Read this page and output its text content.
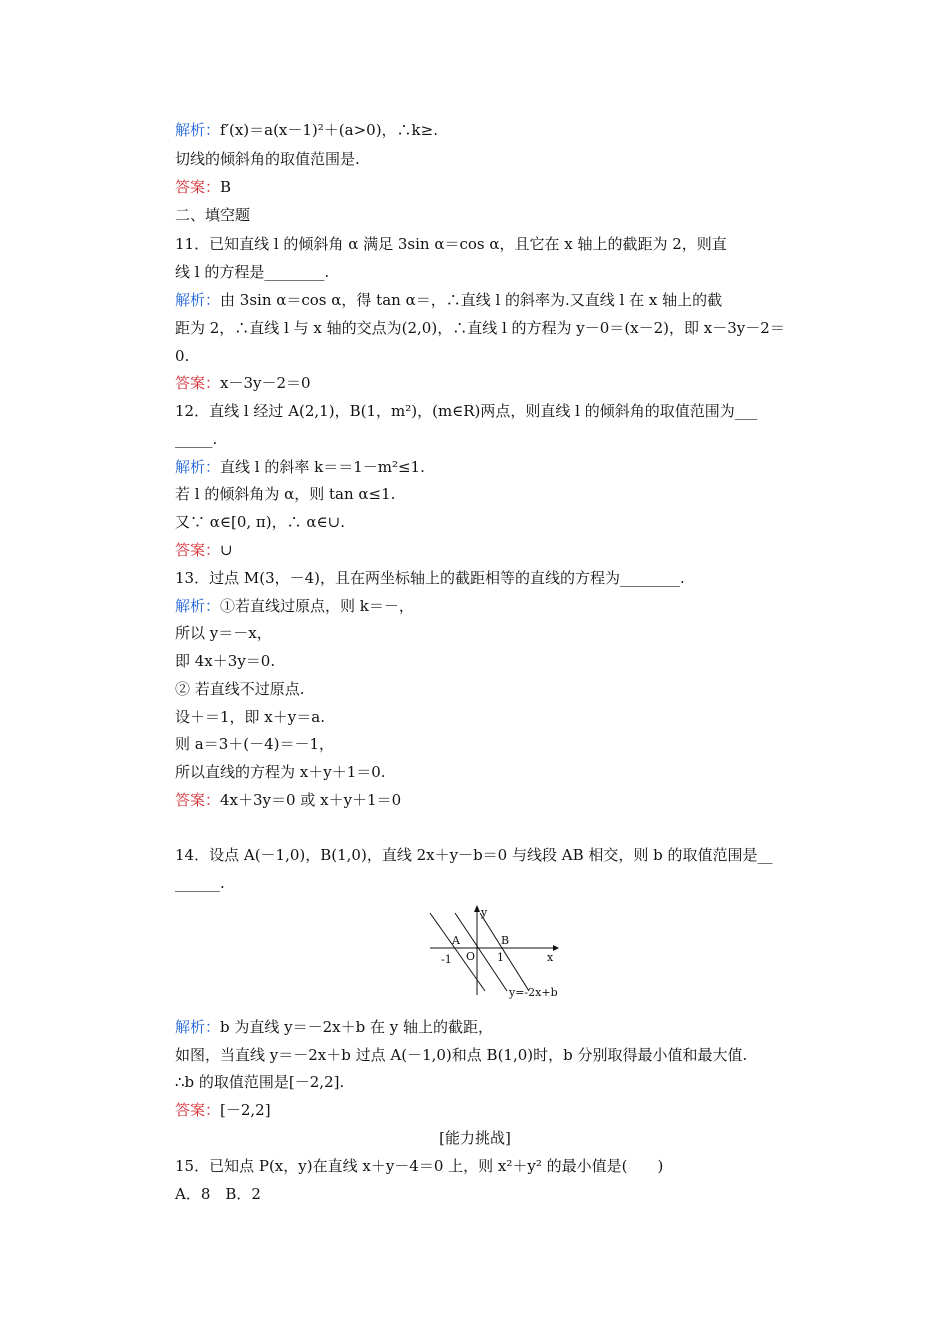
解析：f′(x)＝a(x－1)²＋(a>0)，∴k≥.
切线的倾斜角的取值范围是.
答案：B
二、填空题
11．已知直线 l 的倾斜角 α 满足 3sin α＝cos α，且它在 x 轴上的截距为 2，则直
线 l 的方程是________.
解析：由 3sin α＝cos α，得 tan α＝，∴直线 l 的斜率为.又直线 l 在 x 轴上的截
距为 2，∴直线 l 与 x 轴的交点为(2,0)，∴直线 l 的方程为 y－0＝(x－2)，即 x－3y－2＝
0.
答案：x－3y－2＝0
12．直线 l 经过 A(2,1)，B(1，m²)，(m∈R)两点，则直线 l 的倾斜角的取值范围为___
_____.
解析：直线 l 的斜率 k＝＝1－m²≤1.
若 l 的倾斜角为 α，则 tan α≤1.
又∵ α∈[0, π)，∴ α∈∪.
答案：∪
13．过点 M(3，－4)，且在两坐标轴上的截距相等的直线的方程为________.
解析：①若直线过原点，则 k＝－，
所以 y＝－x，
即 4x＋3y＝0.
② 若直线不过原点.
设＋＝1，即 x＋y＝a.
则 a＝3＋(－4)＝－1，
所以直线的方程为 x＋y＋1＝0.
答案：4x＋3y＝0 或 x＋y＋1＝0
14．设点 A(－1,0)，B(1,0)，直线 2x＋y－b＝0 与线段 AB 相交，则 b 的取值范围是__
______.
y
x
A	B
O
-1	1
y=-2x+b
解析：b 为直线 y＝－2x＋b 在 y 轴上的截距，
如图，当直线 y＝－2x＋b 过点 A(－1,0)和点 B(1,0)时，b 分别取得最小值和最大值.
∴b 的取值范围是[－2,2].
答案：[－2,2]
[能力挑战]
15．已知点 P(x，y)在直线 x＋y－4＝0 上，则 x²＋y² 的最小值是(　　)
A．8　B．2
